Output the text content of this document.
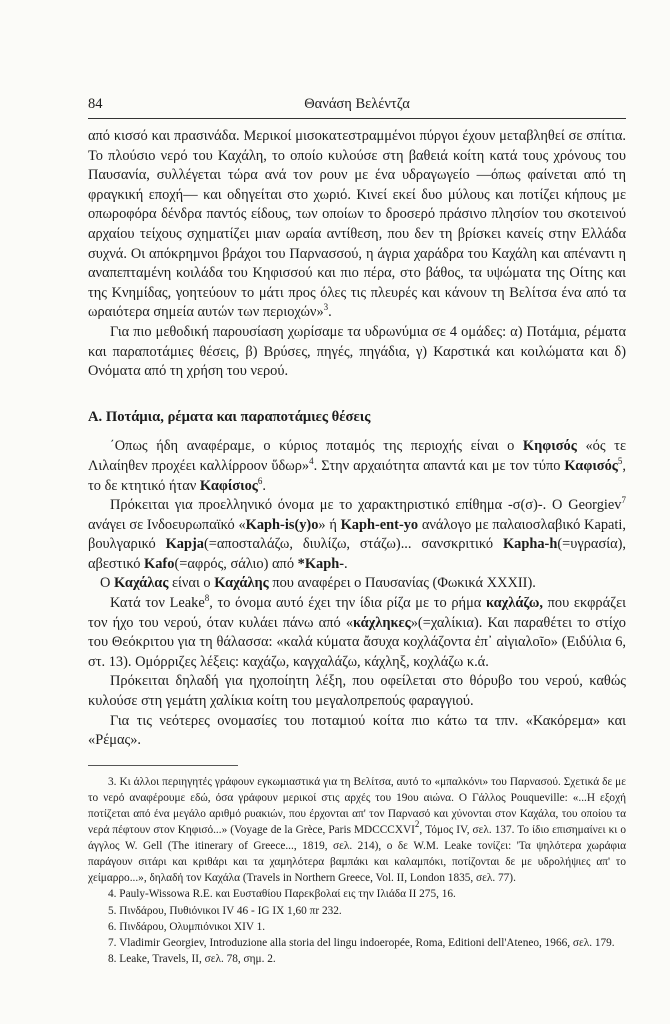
84	Θανάση Βελέντζα

από κισσό και πρασινάδα. Μερικοί μισοκατεστραμμένοι πύργοι έχουν μεταβληθεί σε σπίτια. Το πλούσιο νερό του Καχάλη, το οποίο κυλούσε στη βαθειά κοίτη κατά τους χρόνους του Παυσανία, συλλέγεται τώρα ανά τον ρουν με ένα υδραγωγείο —όπως φαίνεται από τη φραγκική εποχή— και οδηγείται στο χωριό. Κινεί εκεί δυο μύλους και ποτίζει κήπους με οπωροφόρα δένδρα παντός είδους, των οποίων το δροσερό πράσινο πλησίον του σκοτεινού αρχαίου τείχους σχηματίζει μιαν ωραία αντίθεση, που δεν τη βρίσκει κανείς στην Ελλάδα συχνά. Οι απόκρημνοι βράχοι του Παρνασσού, η άγρια χαράδρα του Καχάλη και απέναντι η αναπεπταμένη κοιλάδα του Κηφισσού και πιο πέρα, στο βάθος, τα υψώματα της Οίτης και της Κνημίδας, γοητεύουν το μάτι προς όλες τις πλευρές και κάνουν τη Βελίτσα ένα από τα ωραιότερα σημεία αυτών των περιοχών»$^3$.

Για πιο μεθοδική παρουσίαση χωρίσαμε τα υδρωνύμια σε 4 ομάδες: α) Ποτάμια, ρέματα και παραποτάμιες θέσεις, β) Βρύσες, πηγές, πηγάδια, γ) Καρστικά και κοιλώματα και δ) Ονόματα από τη χρήση του νερού.

Α. Ποτάμια, ρέματα και παραποτάμιες θέσεις

΄Οπως ήδη αναφέραμε, ο κύριος ποταμός της περιοχής είναι ο Κηφισός «ός τε Λιλαίηθεν προχέει καλλίρροον ὕδωρ»$^4$. Στην αρχαιότητα απαντά και με τον τύπο Καφισός$^5$, το δε κτητικό ήταν Καφίσιος$^6$.

Πρόκειται για προελληνικό όνομα με το χαρακτηριστικό επίθημα -σ(σ)-. Ο Georgiev$^7$ ανάγει σε Ινδοευρωπαϊκό «Kaph-is(y)o» ή Kaph-ent-yo ανάλογο με παλαιοσλαβικό Kapati, βουλγαρικό Kapja(=αποσταλάζω, διυλίζω, στάζω)... σανσκριτικό Kapha-h(=υγρασία), αβεστικό Kafo(=αφρός, σάλιο) από *Kaph-.

Ο Καχάλας είναι ο Καχάλης που αναφέρει ο Παυσανίας (Φωκικά XXXII).

Κατά τον Leake$^8$, το όνομα αυτό έχει την ίδια ρίζα με το ρήμα καχλάζω, που εκφράζει τον ήχο του νερού, όταν κυλάει πάνω από «κάχληκες»(=χαλίκια). Και παραθέτει το στίχο του Θεόκριτου για τη θάλασσα: «καλά κύματα ἄσυχα κοχλάζοντα ἐπ᾽ αἰγιαλοῖο» (Ειδύλια 6, στ. 13). Ομόρριζες λέξεις: καχάζω, καγχαλάζω, κάχληξ, κοχλάζω κ.ά.

Πρόκειται δηλαδή για ηχοποίητη λέξη, που οφείλεται στο θόρυβο του νερού, καθώς κυλούσε στη γεμάτη χαλίκια κοίτη του μεγαλοπρεπούς φαραγγιού.

Για τις νεότερες ονομασίες του ποταμιού κοίτα πιο κάτω τα τπν. «Κακόρεμα» και «Ρέμας».

3. Κι άλλοι περιηγητές γράφουν εγκωμιαστικά για τη Βελίτσα, αυτό το «μπαλκόνι» του Παρνασού. Σχετικά δε με το νερό αναφέρουμε εδώ, όσα γράφουν μερικοί στις αρχές του 19ου αιώνα. Ο Γάλλος Pouqueville: «...Η εξοχή ποτίζεται από ένα μεγάλο αριθμό ρυακιών, που έρχονται απ' τον Παρνασό και χύνονται στον Καχάλα, του οποίου τα νερά πέφτουν στον Κηφισό...» (Voyage de la Grèce, Paris MDCCCXVI$^2$, Τόμος IV, σελ. 137. Το ίδιο επισημαίνει κι ο άγγλος W. Gell (The itinerary of Greece..., 1819, σελ. 214), ο δε W.M. Leake τονίζει: 'Τα ψηλότερα χωράφια παράγουν σιτάρι και κριθάρι και τα χαμηλότερα βαμπάκι και καλαμπόκι, ποτίζονται δε με υδρολήψιες απ' το χείμαρρο...», δηλαδή τον Καχάλα (Travels in Northern Greece, Vol. II, London 1835, σελ. 77).

4. Pauly-Wissowa R.E. και Ευσταθίου Παρεκβολαί εις την Ιλιάδα ΙΙ 275, 16.

5. Πινδάρου, Πυθιόνικοι IV 46 - IG IX 1,60 πr 232.

6. Πινδάρου, Ολυμπιόνικοι XIV 1.

7. Vladimir Georgiev, Introduzione alla storia del lingu indoeropée, Roma, Editioni dell'Ateneo, 1966, σελ. 179.

8. Leake, Travels, II, σελ. 78, σημ. 2.
